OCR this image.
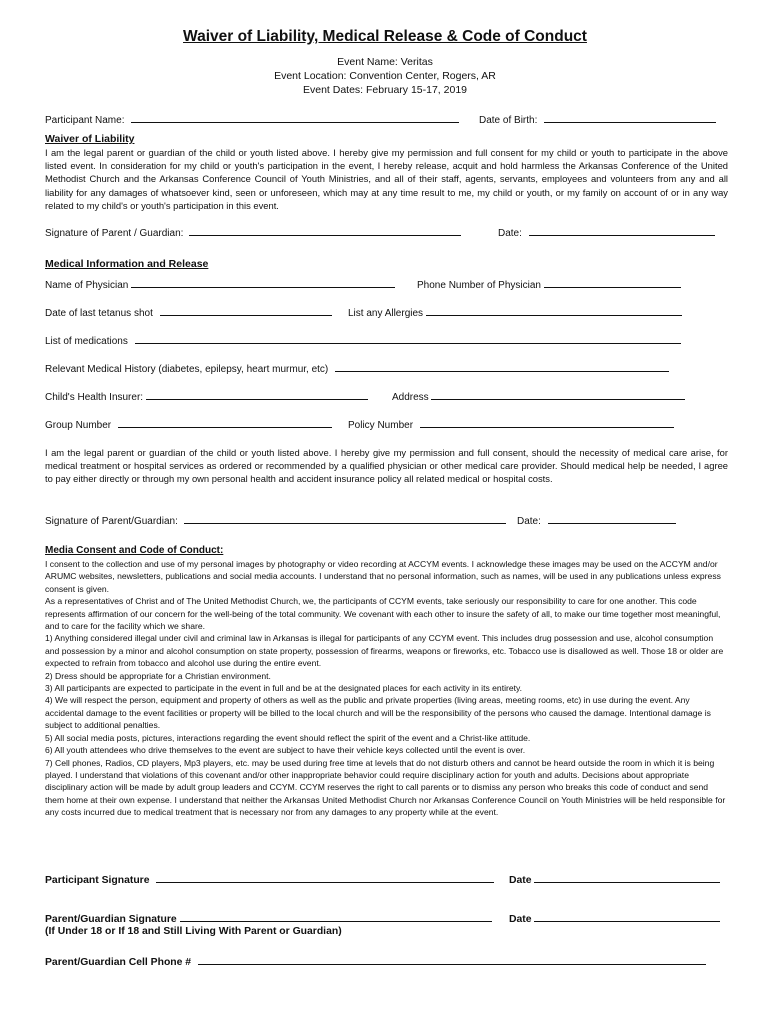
Waiver of Liability, Medical Release & Code of Conduct
Event Name: Veritas
Event Location: Convention Center, Rogers, AR
Event Dates: February 15-17, 2019
Participant Name:	Date of Birth:
Waiver of Liability
I am the legal parent or guardian of the child or youth listed above. I hereby give my permission and full consent for my child or youth to participate in the above listed event. In consideration for my child or youth's participation in the event, I hereby release, acquit and hold harmless the Arkansas Conference of the United Methodist Church and the Arkansas Conference Council of Youth Ministries, and all of their staff, agents, servants, employees and volunteers from any and all liability for any damages of whatsoever kind, seen or unforeseen, which may at any time result to me, my child or youth, or my family on account of or in any way related to my child's or youth's participation in this event.
Signature of Parent / Guardian:	Date:
Medical Information and Release
Name of Physician	Phone Number of Physician
Date of last tetanus shot	List any Allergies
List of medications
Relevant Medical History (diabetes, epilepsy, heart murmur, etc)
Child's Health Insurer:	Address
Group Number	Policy Number
I am the legal parent or guardian of the child or youth listed above. I hereby give my permission and full consent, should the necessity of medical care arise, for medical treatment or hospital services as ordered or recommended by a qualified physician or other medical care provider. Should medical help be needed, I agree to pay either directly or through my own personal health and accident insurance policy all related medical or hospital costs.
Signature of Parent/Guardian:	Date:
Media Consent and Code of Conduct:

I consent to the collection and use of my personal images by photography or video recording at ACCYM events. I acknowledge these images may be used on the ACCYM and/or ARUMC websites, newsletters, publications and social media accounts. I understand that no personal information, such as names, will be used in any publications unless express consent is given.

As a representatives of Christ and of The United Methodist Church, we, the participants of CCYM events, take seriously our responsibility to care for one another. This code represents affirmation of our concern for the well-being of the total community. We covenant with each other to insure the safety of all, to make our time together most meaningful, and to care for the facility which we share.

1) Anything considered illegal under civil and criminal law in Arkansas is illegal for participants of any CCYM event. This includes drug possession and use, alcohol consumption and possession by a minor and alcohol consumption on state property, possession of firearms, weapons or fireworks, etc. Tobacco use is disallowed as well. Those 18 or older are expected to refrain from tobacco and alcohol use during the entire event.

2) Dress should be appropriate for a Christian environment.

3) All participants are expected to participate in the event in full and be at the designated places for each activity in its entirety.

4) We will respect the person, equipment and property of others as well as the public and private properties (living areas, meeting rooms, etc) in use during the event. Any accidental damage to the event facilities or property will be billed to the local church and will be the responsibility of the persons who caused the damage. Intentional damage is subject to additional penalties.

5) All social media posts, pictures, interactions regarding the event should reflect the spirit of the event and a Christ-like attitude.

6) All youth attendees who drive themselves to the event are subject to have their vehicle keys collected until the event is over.

7) Cell phones, Radios, CD players, Mp3 players, etc. may be used during free time at levels that do not disturb others and cannot be heard outside the room in which it is being played. I understand that violations of this covenant and/or other inappropriate behavior could require disciplinary action for youth and adults. Decisions about appropriate disciplinary action will be made by adult group leaders and CCYM. CCYM reserves the right to call parents or to dismiss any person who breaks this code of conduct and send them home at their own expense. I understand that neither the Arkansas United Methodist Church nor Arkansas Conference Council on Youth Ministries will be held responsible for any costs incurred due to medical treatment that is necessary nor from any damages to any property while at the event.

Participant Signature	Date
Parent/Guardian Signature	Date
(If Under 18 or If 18 and Still Living With Parent or Guardian)
Parent/Guardian Cell Phone #
